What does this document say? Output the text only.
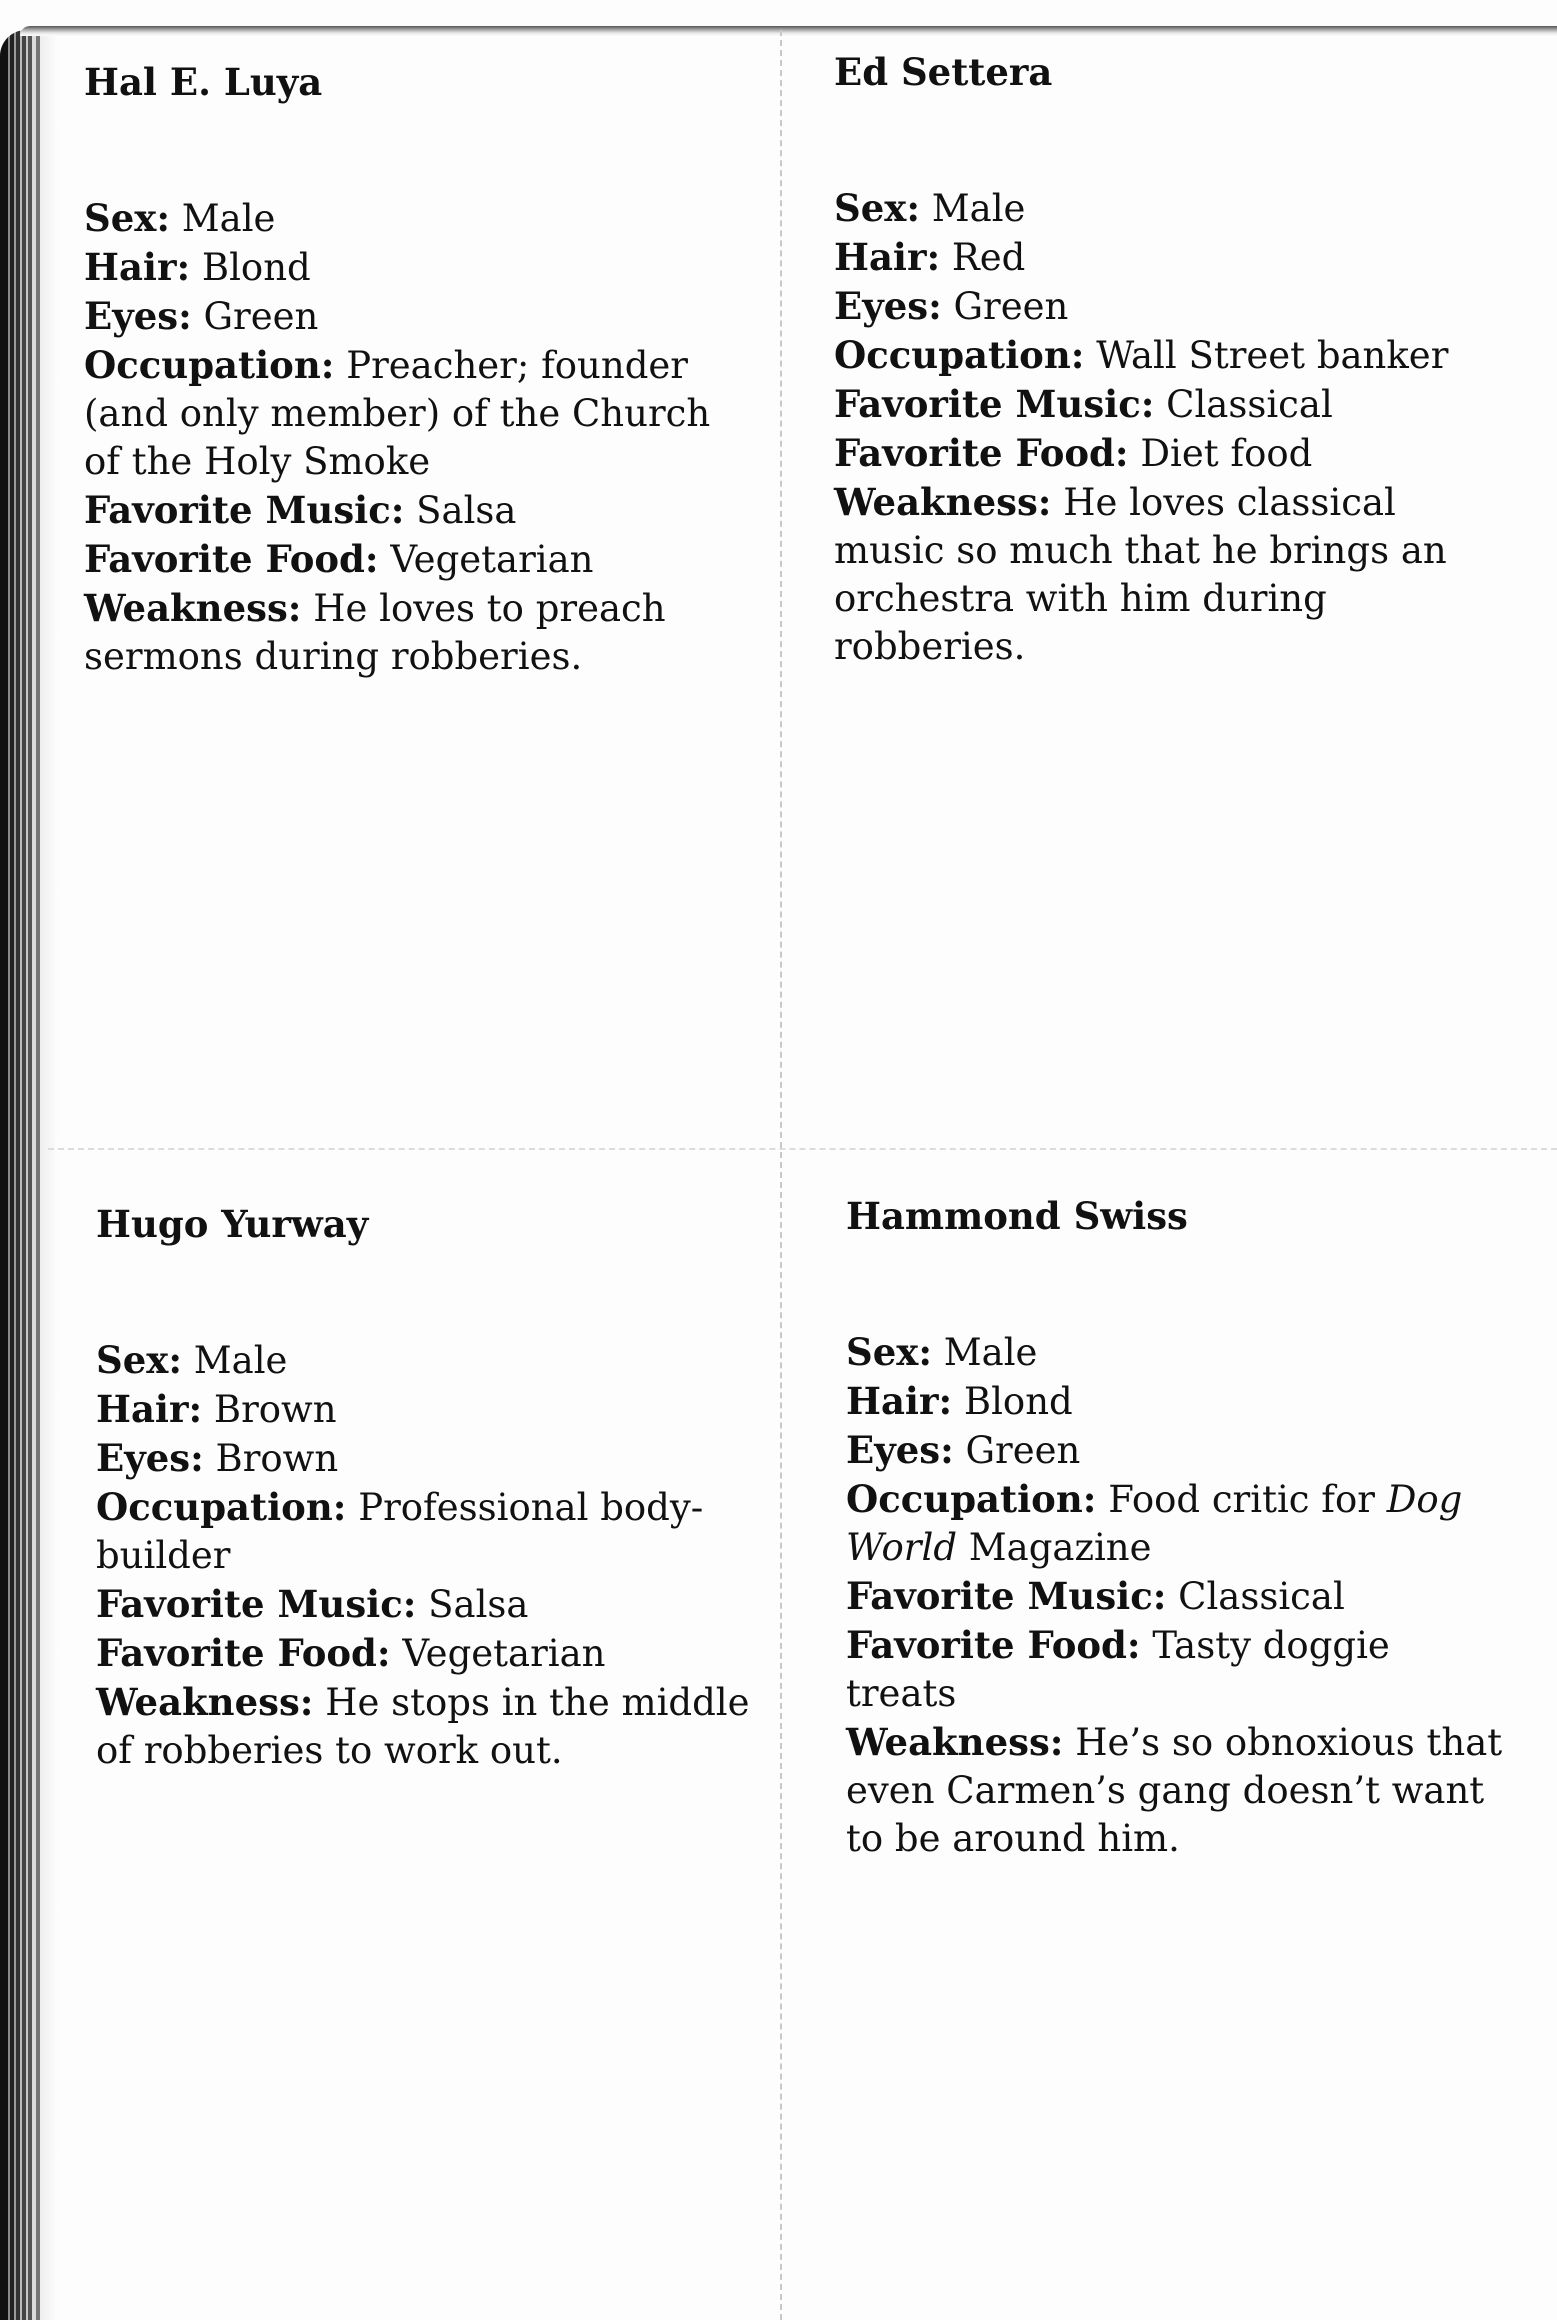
Hal E. Luya

Sex: Male

Hair: Blond

Eyes: Green

Occupation: Preacher; founder (and only member) of the Church of the Holy Smoke

Favorite Music: Salsa

Favorite Food: Vegetarian

Weakness: He loves to preach sermons during robberies.

Ed Settera

Sex: Male

Hair: Red

Eyes: Green

Occupation: Wall Street banker

Favorite Music: Classical

Favorite Food: Diet food

Weakness: He loves classical music so much that he brings an orchestra with him during robberies.

Hugo Yurway

Sex: Male

Hair: Brown

Eyes: Brown

Occupation: Professional body-builder

Favorite Music: Salsa

Favorite Food: Vegetarian

Weakness: He stops in the middle of robberies to work out.

Hammond Swiss

Sex: Male

Hair: Blond

Eyes: Green

Occupation: Food critic for Dog World Magazine

Favorite Music: Classical

Favorite Food: Tasty doggie treats

Weakness: He’s so obnoxious that even Carmen’s gang doesn’t want to be around him.
